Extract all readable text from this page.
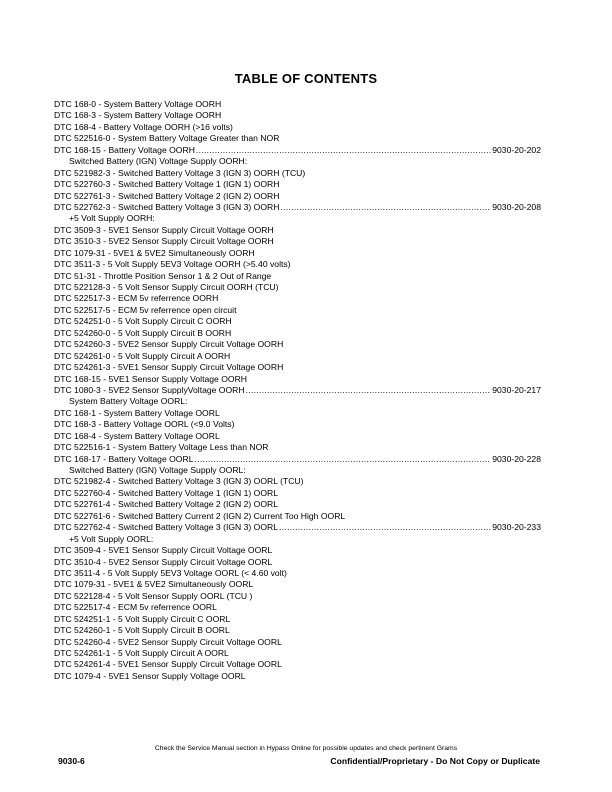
TABLE OF CONTENTS
DTC 168-0 - System Battery Voltage OORH
DTC 168-3 - System Battery Voltage OORH
DTC 168-4 - Battery Voltage OORH (>16 volts)
DTC 522516-0 - System Battery Voltage Greater than NOR
DTC 168-15 - Battery Voltage OORH .....	9030-20-202
Switched Battery (IGN) Voltage Supply OORH:
DTC 521982-3 - Switched Battery Voltage 3 (IGN 3) OORH (TCU)
DTC 522760-3 - Switched Battery Voltage 1 (IGN 1) OORH
DTC 522761-3 - Switched Battery Voltage 2 (IGN 2) OORH
DTC 522762-3 - Switched Battery Voltage 3 (IGN 3) OORH .....	9030-20-208
+5 Volt Supply OORH:
DTC 3509-3 - 5VE1 Sensor Supply Circuit Voltage OORH
DTC 3510-3 - 5VE2 Sensor Supply Circuit Voltage OORH
DTC 1079-31 - 5VE1 & 5VE2 Simultaneously OORH
DTC 3511-3 - 5 Volt Supply 5EV3 Voltage OORH (>5.40 volts)
DTC 51-31 - Throttle Position Sensor 1 & 2 Out of Range
DTC 522128-3 - 5 Volt Sensor Supply Circuit OORH (TCU)
DTC 522517-3 - ECM 5v referrence OORH
DTC 522517-5 - ECM 5v referrence open circuit
DTC 524251-0 - 5 Volt Supply Circuit C OORH
DTC 524260-0 - 5 Volt Supply Circuit B OORH
DTC 524260-3 - 5VE2 Sensor Supply Circuit Voltage OORH
DTC 524261-0 - 5 Volt Supply Circuit A OORH
DTC 524261-3 - 5VE1 Sensor Supply Circuit Voltage OORH
DTC 168-15 - 5VE1 Sensor Supply Voltage OORH
DTC 1080-3 - 5VE2 Sensor SupplyVoltage OORH .....	9030-20-217
System Battery Voltage OORL:
DTC 168-1 - System Battery Voltage OORL
DTC 168-3 - Battery Voltage OORL (<9.0 Volts)
DTC 168-4 - System Battery Voltage OORL
DTC 522516-1 - System Battery Voltage Less than NOR
DTC 168-17 - Battery Voltage OORL .....	9030-20-228
Switched Battery (IGN) Voltage Supply OORL:
DTC 521982-4 - Switched Battery Voltage 3 (IGN 3) OORL (TCU)
DTC 522760-4 - Switched Battery Voltage 1 (IGN 1) OORL
DTC 522761-4 - Switched Battery Voltage 2 (IGN 2) OORL
DTC 522761-6 - Switched Battery Current 2 (IGN 2) Current Too High OORL
DTC 522762-4 - Switched Battery Voltage 3 (IGN 3) OORL .....	9030-20-233
+5 Volt Supply OORL:
DTC 3509-4 - 5VE1 Sensor Supply Circuit Voltage OORL
DTC 3510-4 - 5VE2 Sensor Supply Circuit Voltage OORL
DTC 3511-4 - 5 Volt Supply 5EV3 Voltage OORL (< 4.60 volt)
DTC 1079-31 - 5VE1 & 5VE2 Simultaneously OORL
DTC 522128-4 - 5 Volt Sensor Supply OORL (TCU )
DTC 522517-4 - ECM 5v referrence OORL
DTC 524251-1 - 5 Volt Supply Circuit C OORL
DTC 524260-1 - 5 Volt Supply Circuit B OORL
DTC 524260-4 - 5VE2 Sensor Supply Circuit Voltage OORL
DTC 524261-1 - 5 Volt Supply Circuit A OORL
DTC 524261-4 - 5VE1 Sensor Supply Circuit Voltage OORL
DTC 1079-4 - 5VE1 Sensor Supply Voltage OORL
Check the Service Manual section in Hypass Online for possible updates and check pertinent Grams
9030-6	Confidential/Proprietary - Do Not Copy or Duplicate
